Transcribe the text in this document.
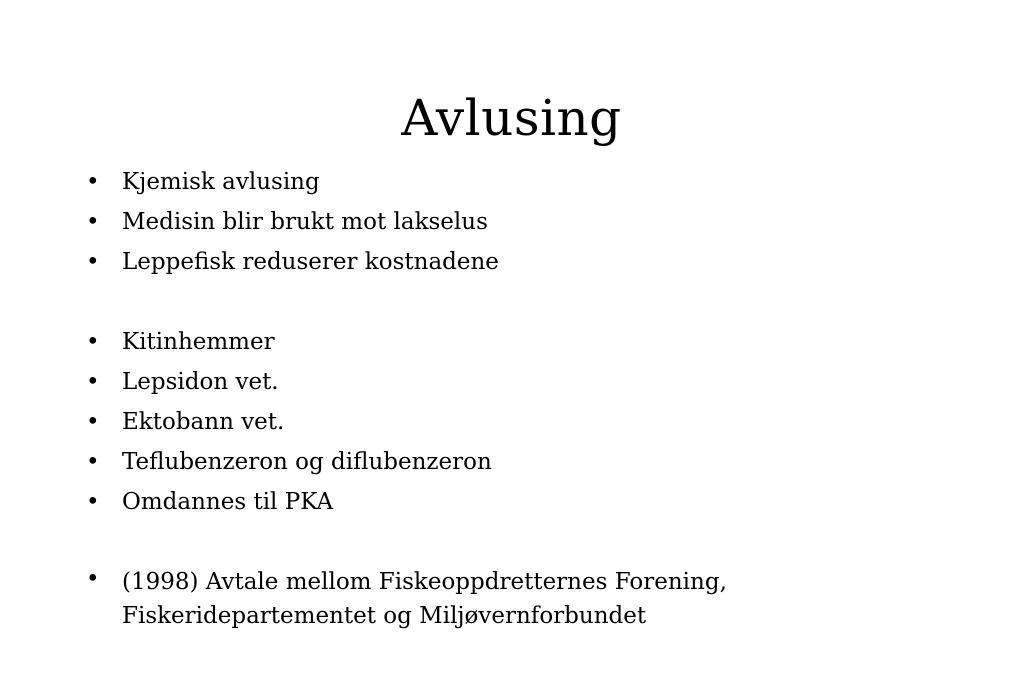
Avlusing
• Kjemisk avlusing
• Medisin blir brukt mot lakselus
• Leppefisk reduserer kostnadene
• Kitinhemmer
• Lepsidon vet.
• Ektobann vet.
• Teflubenzeron og diflubenzeron
• Omdannes til PKA
• (1998) Avtale mellom Fiskeoppdretternes Forening,
Fiskeridepartementet og Miljøvernforbundet
